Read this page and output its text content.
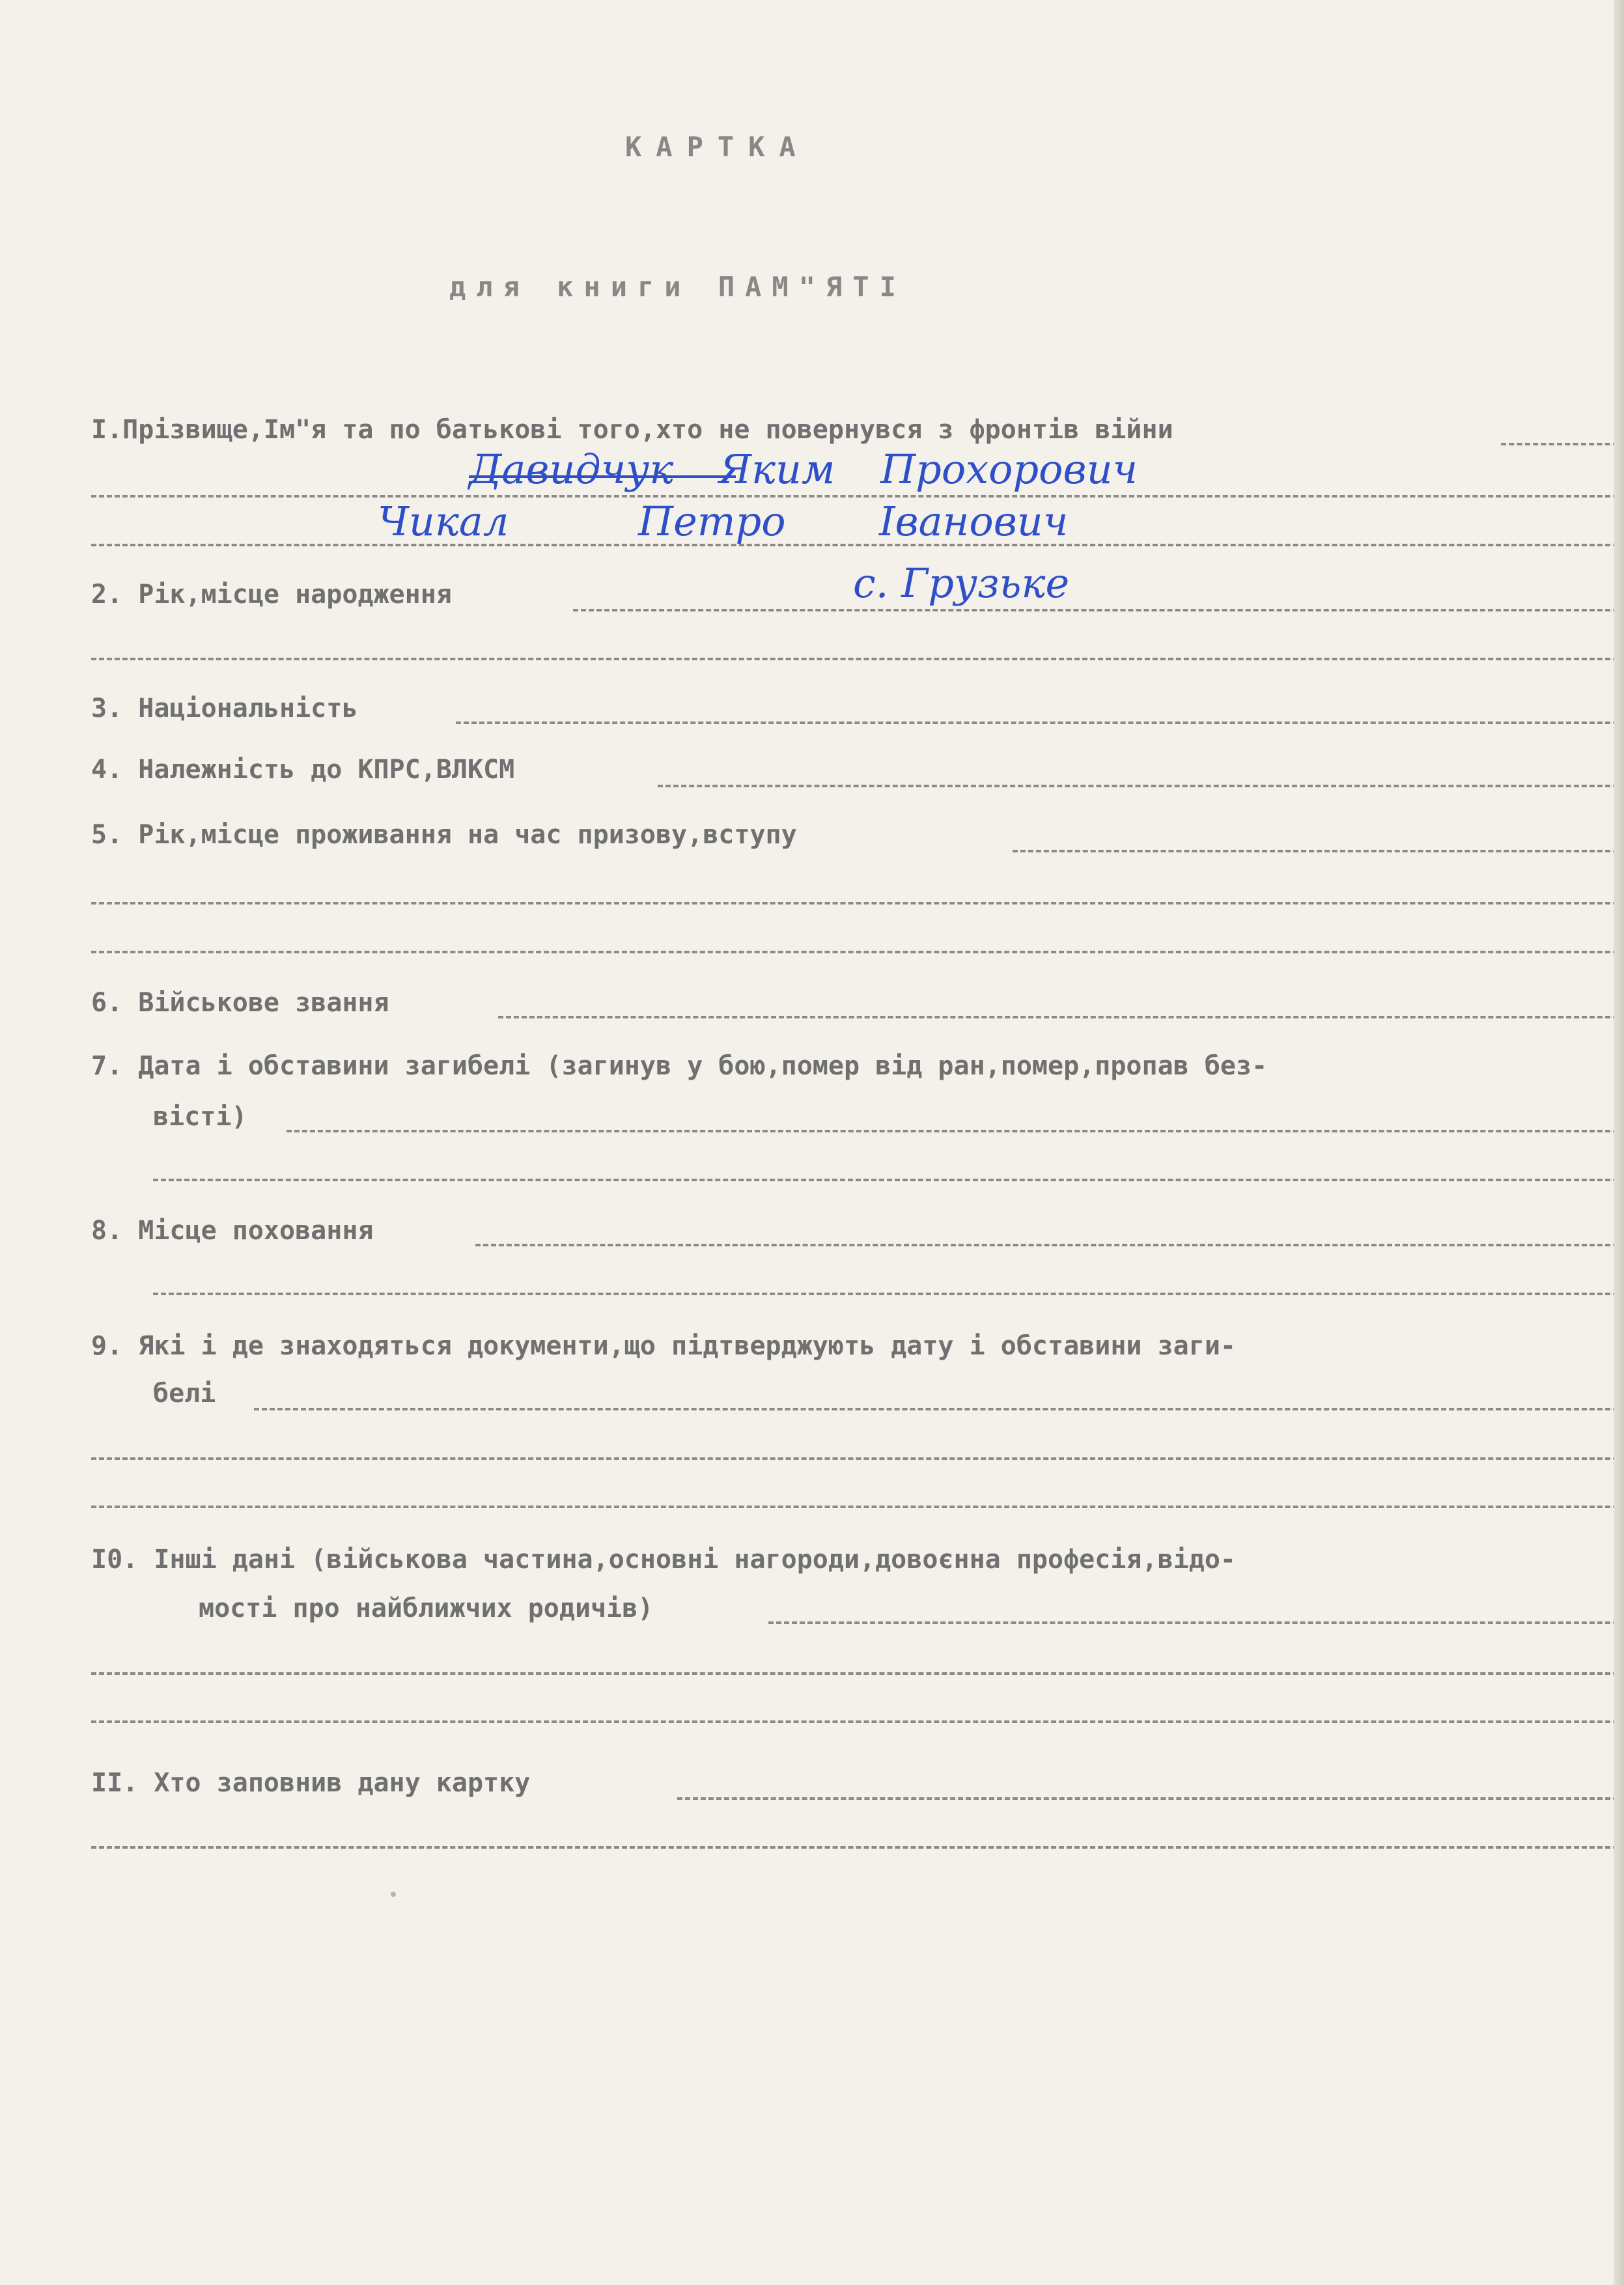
КАРТКА
для книги ПАМ"ЯТІ
І.Прізвище,Ім"я та по батькові того,хто не повернувся з фронтів війни
Давидчук Яким Прохорович
Чикал	Петро Іванович
2. Рік,місце народження	с. Грузьке
3. Національність
4. Належність до КПРС,ВЛКСМ
5. Рік,місце проживання на час призову,вступу
6. Військове звання
7. Дата і обставини загибелі (загинув у бою,помер від ран,помер,пропав без-
вісті)
8. Місце поховання
9. Які і де знаходяться документи,що підтверджують дату і обставини заги-
белі
І0. Інші дані (військова частина,основні нагороди,довоєнна професія,відо-
мості про найближчих родичів)
ІІ. Хто заповнив дану картку
